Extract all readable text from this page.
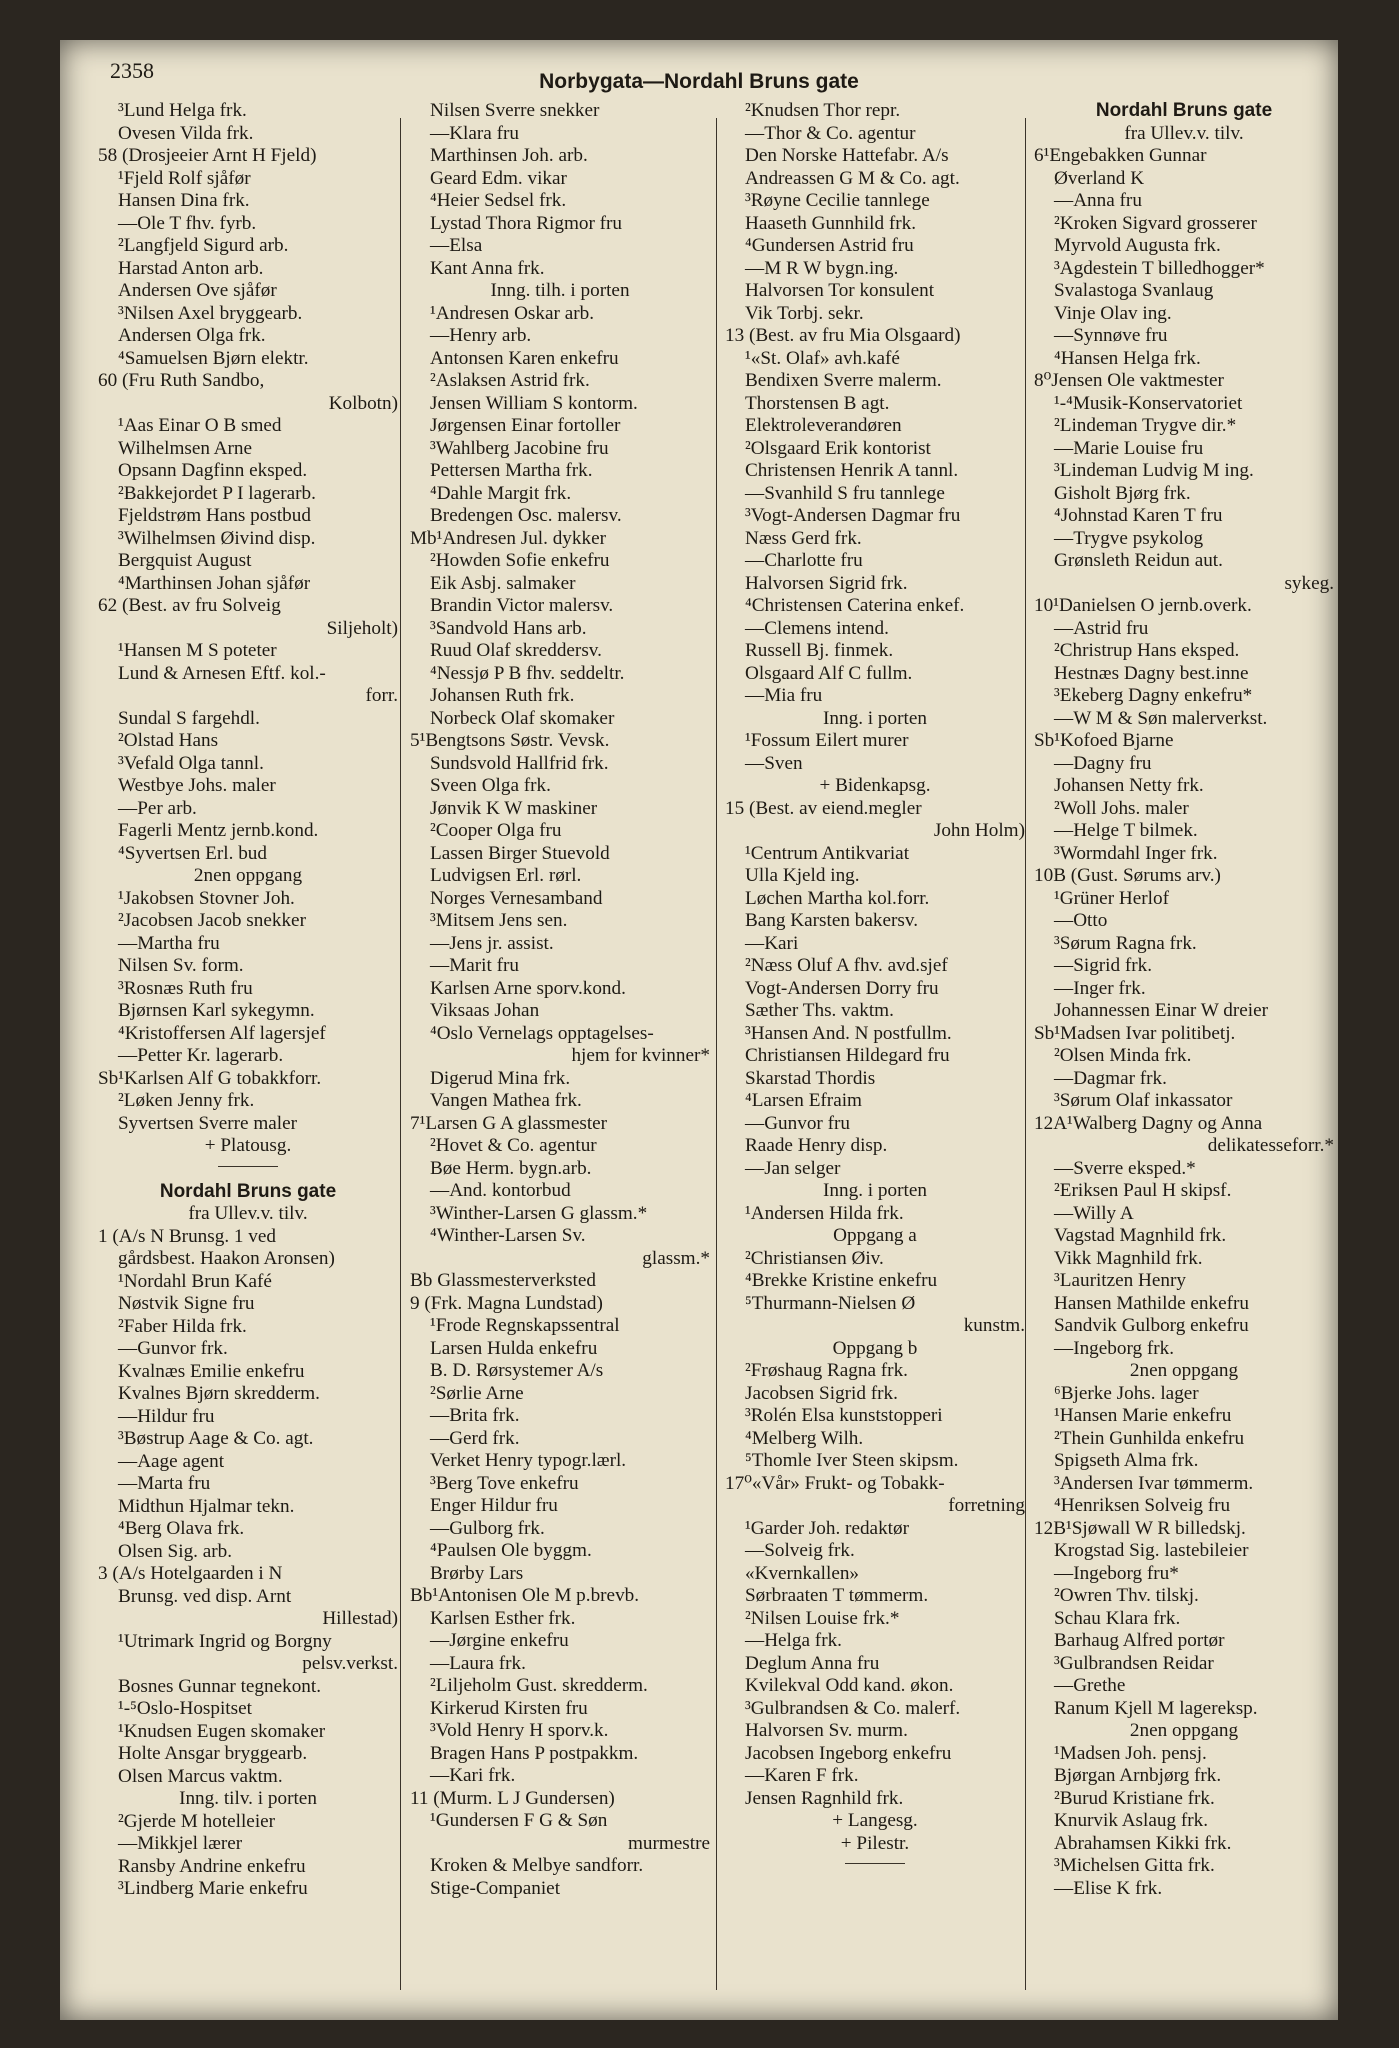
2358	Norbygata—Nordahl Bruns gate
³Lund Helga frk.
Ovesen Vilda frk.
58 (Drosjeeier Arnt H Fjeld)
¹Fjeld Rolf sjåfør
Hansen Dina frk.
—Ole T fhv. fyrb.
²Langfjeld Sigurd arb.
Harstad Anton arb.
Andersen Ove sjåfør
³Nilsen Axel bryggearb.
Andersen Olga frk.
⁴Samuelsen Bjørn elektr.
60 (Fru Ruth Sandbo,
Kolbotn)
¹Aas Einar O B smed
Wilhelmsen Arne
Opsann Dagfinn eksped.
²Bakkejordet P I lagerarb.
Fjeldstrøm Hans postbud
³Wilhelmsen Øivind disp.
Bergquist August
⁴Marthinsen Johan sjåfør
62 (Best. av fru Solveig
Siljeholt)
¹Hansen M S poteter
Lund & Arnesen Eftf. kol.-
forr.
Sundal S fargehdl.
²Olstad Hans
³Vefald Olga tannl.
Westbye Johs. maler
—Per arb.
Fagerli Mentz jernb.kond.
⁴Syvertsen Erl. bud
2nen oppgang
¹Jakobsen Stovner Joh.
²Jacobsen Jacob snekker
—Martha fru
Nilsen Sv. form.
³Rosnæs Ruth fru
Bjørnsen Karl sykegymn.
⁴Kristoffersen Alf lagersjef
—Petter Kr. lagerarb.
Sb¹Karlsen Alf G tobakkforr.
²Løken Jenny frk.
Syvertsen Sverre maler
+ Platousg.
Nordahl Bruns gate
fra Ullev.v. tilv.
1 (A/s N Brunsg. 1 ved
gårdsbest. Haakon Aronsen)
¹Nordahl Brun Kafé
Nøstvik Signe fru
²Faber Hilda frk.
—Gunvor frk.
Kvalnæs Emilie enkefru
Kvalnes Bjørn skredderm.
—Hildur fru
³Bøstrup Aage & Co. agt.
—Aage agent
—Marta fru
Midthun Hjalmar tekn.
⁴Berg Olava frk.
Olsen Sig. arb.
3 (A/s Hotelgaarden i N
Brunsg. ved disp. Arnt
Hillestad)
¹Utrimark Ingrid og Borgny
pelsv.verkst.
Bosnes Gunnar tegnekont.
¹-⁵Oslo-Hospitset
¹Knudsen Eugen skomaker
Holte Ansgar bryggearb.
Olsen Marcus vaktm.
Inng. tilv. i porten
²Gjerde M hotelleier
—Mikkjel lærer
Ransby Andrine enkefru
³Lindberg Marie enkefru
Nilsen Sverre snekker
—Klara fru
Marthinsen Joh. arb.
Geard Edm. vikar
⁴Heier Sedsel frk.
Lystad Thora Rigmor fru
—Elsa
Kant Anna frk.
Inng. tilh. i porten
¹Andresen Oskar arb.
—Henry arb.
Antonsen Karen enkefru
²Aslaksen Astrid frk.
Jensen William S kontorm.
Jørgensen Einar fortoller
³Wahlberg Jacobine fru
Pettersen Martha frk.
⁴Dahle Margit frk.
Bredengen Osc. malersv.
Mb¹Andresen Jul. dykker
²Howden Sofie enkefru
Eik Asbj. salmaker
Brandin Victor malersv.
³Sandvold Hans arb.
Ruud Olaf skreddersv.
⁴Nessjø P B fhv. seddeltr.
Johansen Ruth frk.
Norbeck Olaf skomaker
5¹Bengtsons Søstr. Vevsk.
Sundsvold Hallfrid frk.
Sveen Olga frk.
Jønvik K W maskiner
²Cooper Olga fru
Lassen Birger Stuevold
Ludvigsen Erl. rørl.
Norges Vernesamband
³Mitsem Jens sen.
—Jens jr. assist.
—Marit fru
Karlsen Arne sporv.kond.
Viksaas Johan
⁴Oslo Vernelags opptagelses-
hjem for kvinner*
Digerud Mina frk.
Vangen Mathea frk.
7¹Larsen G A glassmester
²Hovet & Co. agentur
Bøe Herm. bygn.arb.
—And. kontorbud
³Winther-Larsen G glassm.*
⁴Winther-Larsen Sv.
glassm.*
Bb Glassmesterverksted
9 (Frk. Magna Lundstad)
¹Frode Regnskapssentral
Larsen Hulda enkefru
B. D. Rørsystemer A/s
²Sørlie Arne
—Brita frk.
—Gerd frk.
Verket Henry typogr.lærl.
³Berg Tove enkefru
Enger Hildur fru
—Gulborg frk.
⁴Paulsen Ole byggm.
Brørby Lars
Bb¹Antonisen Ole M p.brevb.
Karlsen Esther frk.
—Jørgine enkefru
—Laura frk.
²Liljeholm Gust. skredderm.
Kirkerud Kirsten fru
³Vold Henry H sporv.k.
Bragen Hans P postpakkm.
—Kari frk.
11 (Murm. L J Gundersen)
¹Gundersen F G & Søn
murmestre
Kroken & Melbye sandforr.
Stige-Companiet
²Knudsen Thor repr.
—Thor & Co. agentur
Den Norske Hattefabr. A/s
Andreassen G M & Co. agt.
³Røyne Cecilie tannlege
Haaseth Gunnhild frk.
⁴Gundersen Astrid fru
—M R W bygn.ing.
Halvorsen Tor konsulent
Vik Torbj. sekr.
13 (Best. av fru Mia Olsgaard)
¹«St. Olaf» avh.kafé
Bendixen Sverre malerm.
Thorstensen B agt.
Elektroleverandøren
²Olsgaard Erik kontorist
Christensen Henrik A tannl.
—Svanhild S fru tannlege
³Vogt-Andersen Dagmar fru
Næss Gerd frk.
—Charlotte fru
Halvorsen Sigrid frk.
⁴Christensen Caterina enkef.
—Clemens intend.
Russell Bj. finmek.
Olsgaard Alf C fullm.
—Mia fru
Inng. i porten
¹Fossum Eilert murer
—Sven
+ Bidenkapsg.
15 (Best. av eiend.megler
John Holm)
¹Centrum Antikvariat
Ulla Kjeld ing.
Løchen Martha kol.forr.
Bang Karsten bakersv.
—Kari
²Næss Oluf A fhv. avd.sjef
Vogt-Andersen Dorry fru
Sæther Ths. vaktm.
³Hansen And. N postfullm.
Christiansen Hildegard fru
Skarstad Thordis
⁴Larsen Efraim
—Gunvor fru
Raade Henry disp.
—Jan selger
Inng. i porten
¹Andersen Hilda frk.
Oppgang a
²Christiansen Øiv.
⁴Brekke Kristine enkefru
⁵Thurmann-Nielsen Ø
kunstm.
Oppgang b
²Frøshaug Ragna frk.
Jacobsen Sigrid frk.
³Rolén Elsa kunststopperi
⁴Melberg Wilh.
⁵Thomle Iver Steen skipsm.
17⁰«Vår» Frukt- og Tobakk-
forretning
¹Garder Joh. redaktør
—Solveig frk.
«Kvernkallen»
Sørbraaten T tømmerm.
²Nilsen Louise frk.*
—Helga frk.
Deglum Anna fru
Kvilekval Odd kand. økon.
³Gulbrandsen & Co. malerf.
Halvorsen Sv. murm.
Jacobsen Ingeborg enkefru
—Karen F frk.
Jensen Ragnhild frk.
+ Langesg.
+ Pilestr.
Nordahl Bruns gate
fra Ullev.v. tilv.
6¹Engebakken Gunnar
Øverland K
—Anna fru
²Kroken Sigvard grosserer
Myrvold Augusta frk.
³Agdestein T billedhogger*
Svalastoga Svanlaug
Vinje Olav ing.
—Synnøve fru
⁴Hansen Helga frk.
8⁰Jensen Ole vaktmester
¹-⁴Musik-Konservatoriet
²Lindeman Trygve dir.*
—Marie Louise fru
³Lindeman Ludvig M ing.
Gisholt Bjørg frk.
⁴Johnstad Karen T fru
—Trygve psykolog
Grønsleth Reidun aut.
sykeg.
10¹Danielsen O jernb.overk.
—Astrid fru
²Christrup Hans eksped.
Hestnæs Dagny best.inne
³Ekeberg Dagny enkefru*
—W M & Søn malerverkst.
Sb¹Kofoed Bjarne
—Dagny fru
Johansen Netty frk.
²Woll Johs. maler
—Helge T bilmek.
³Wormdahl Inger frk.
10B (Gust. Sørums arv.)
¹Grüner Herlof
—Otto
³Sørum Ragna frk.
—Sigrid frk.
—Inger frk.
Johannessen Einar W dreier
Sb¹Madsen Ivar politibetj.
²Olsen Minda frk.
—Dagmar frk.
³Sørum Olaf inkassator
12A¹Walberg Dagny og Anna
delikatesseforr.*
—Sverre eksped.*
²Eriksen Paul H skipsf.
—Willy A
Vagstad Magnhild frk.
Vikk Magnhild frk.
³Lauritzen Henry
Hansen Mathilde enkefru
Sandvik Gulborg enkefru
—Ingeborg frk.
2nen oppgang
⁶Bjerke Johs. lager
¹Hansen Marie enkefru
²Thein Gunhilda enkefru
Spigseth Alma frk.
³Andersen Ivar tømmerm.
⁴Henriksen Solveig fru
12B¹Sjøwall W R billedskj.
Krogstad Sig. lastebileier
—Ingeborg fru*
²Owren Thv. tilskj.
Schau Klara frk.
Barhaug Alfred portør
³Gulbrandsen Reidar
—Grethe
Ranum Kjell M lagereksp.
2nen oppgang
¹Madsen Joh. pensj.
Bjørgan Arnbjørg frk.
²Burud Kristiane frk.
Knurvik Aslaug frk.
Abrahamsen Kikki frk.
³Michelsen Gitta frk.
—Elise K frk.
